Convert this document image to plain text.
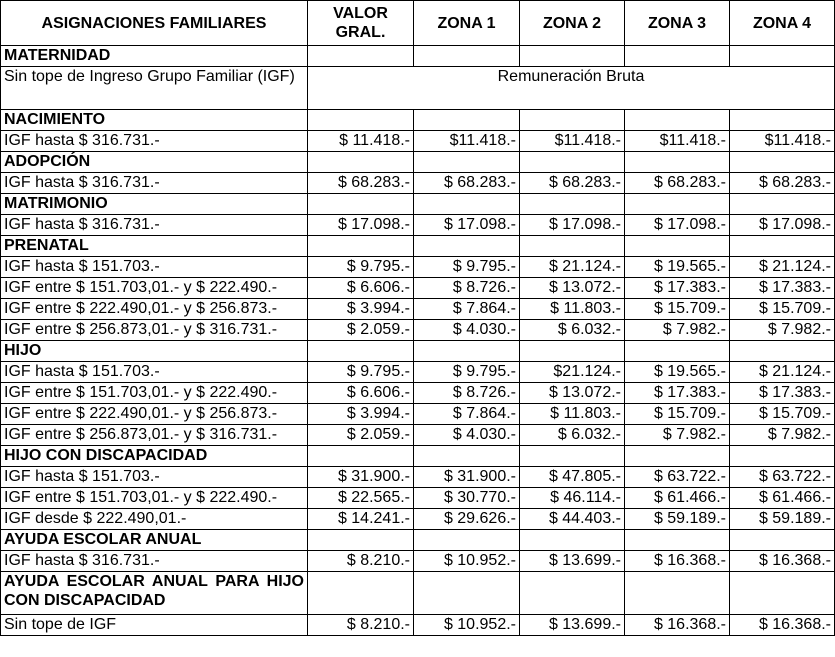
ASIGNACIONES FAMILIARES	VALOR GRAL.	ZONA 1	ZONA 2	ZONA 3	ZONA 4
MATERNIDAD					
Sin tope de Ingreso Grupo Familiar (IGF)	Remuneración Bruta				
NACIMIENTO					
IGF hasta $ 316.731.-	$ 11.418.-	$11.418.-	$11.418.-	$11.418.-	$11.418.-
ADOPCIÓN					
IGF hasta $ 316.731.-	$ 68.283.-	$ 68.283.-	$ 68.283.-	$ 68.283.-	$ 68.283.-
MATRIMONIO					
IGF hasta $ 316.731.-	$ 17.098.-	$ 17.098.-	$ 17.098.-	$ 17.098.-	$ 17.098.-
PRENATAL					
IGF hasta $ 151.703.-	$ 9.795.-	$ 9.795.-	$ 21.124.-	$ 19.565.-	$ 21.124.-
IGF entre $ 151.703,01.- y $ 222.490.-	$ 6.606.-	$ 8.726.-	$ 13.072.-	$ 17.383.-	$ 17.383.-
IGF entre $ 222.490,01.- y $ 256.873.-	$ 3.994.-	$ 7.864.-	$ 11.803.-	$ 15.709.-	$ 15.709.-
IGF entre $ 256.873,01.- y $ 316.731.-	$ 2.059.-	$ 4.030.-	$ 6.032.-	$ 7.982.-	$ 7.982.-
HIJO					
IGF hasta $ 151.703.-	$ 9.795.-	$ 9.795.-	$21.124.-	$ 19.565.-	$ 21.124.-
IGF entre $ 151.703,01.- y $ 222.490.-	$ 6.606.-	$ 8.726.-	$ 13.072.-	$ 17.383.-	$ 17.383.-
IGF entre $ 222.490,01.- y $ 256.873.-	$ 3.994.-	$ 7.864.-	$ 11.803.-	$ 15.709.-	$ 15.709.-
IGF entre $ 256.873,01.- y $ 316.731.-	$ 2.059.-	$ 4.030.-	$ 6.032.-	$ 7.982.-	$ 7.982.-
HIJO CON DISCAPACIDAD					
IGF hasta $ 151.703.-	$ 31.900.-	$ 31.900.-	$ 47.805.-	$ 63.722.-	$ 63.722.-
IGF entre $ 151.703,01.- y $ 222.490.-	$ 22.565.-	$ 30.770.-	$ 46.114.-	$ 61.466.-	$ 61.466.-
IGF desde $ 222.490,01.-	$ 14.241.-	$ 29.626.-	$ 44.403.-	$ 59.189.-	$ 59.189.-
AYUDA ESCOLAR ANUAL					
IGF hasta $ 316.731.-	$ 8.210.-	$ 10.952.-	$ 13.699.-	$ 16.368.-	$ 16.368.-
AYUDA ESCOLAR ANUAL PARA HIJO CON DISCAPACIDAD					
Sin tope de IGF	$ 8.210.-	$ 10.952.-	$ 13.699.-	$ 16.368.-	$ 16.368.-
